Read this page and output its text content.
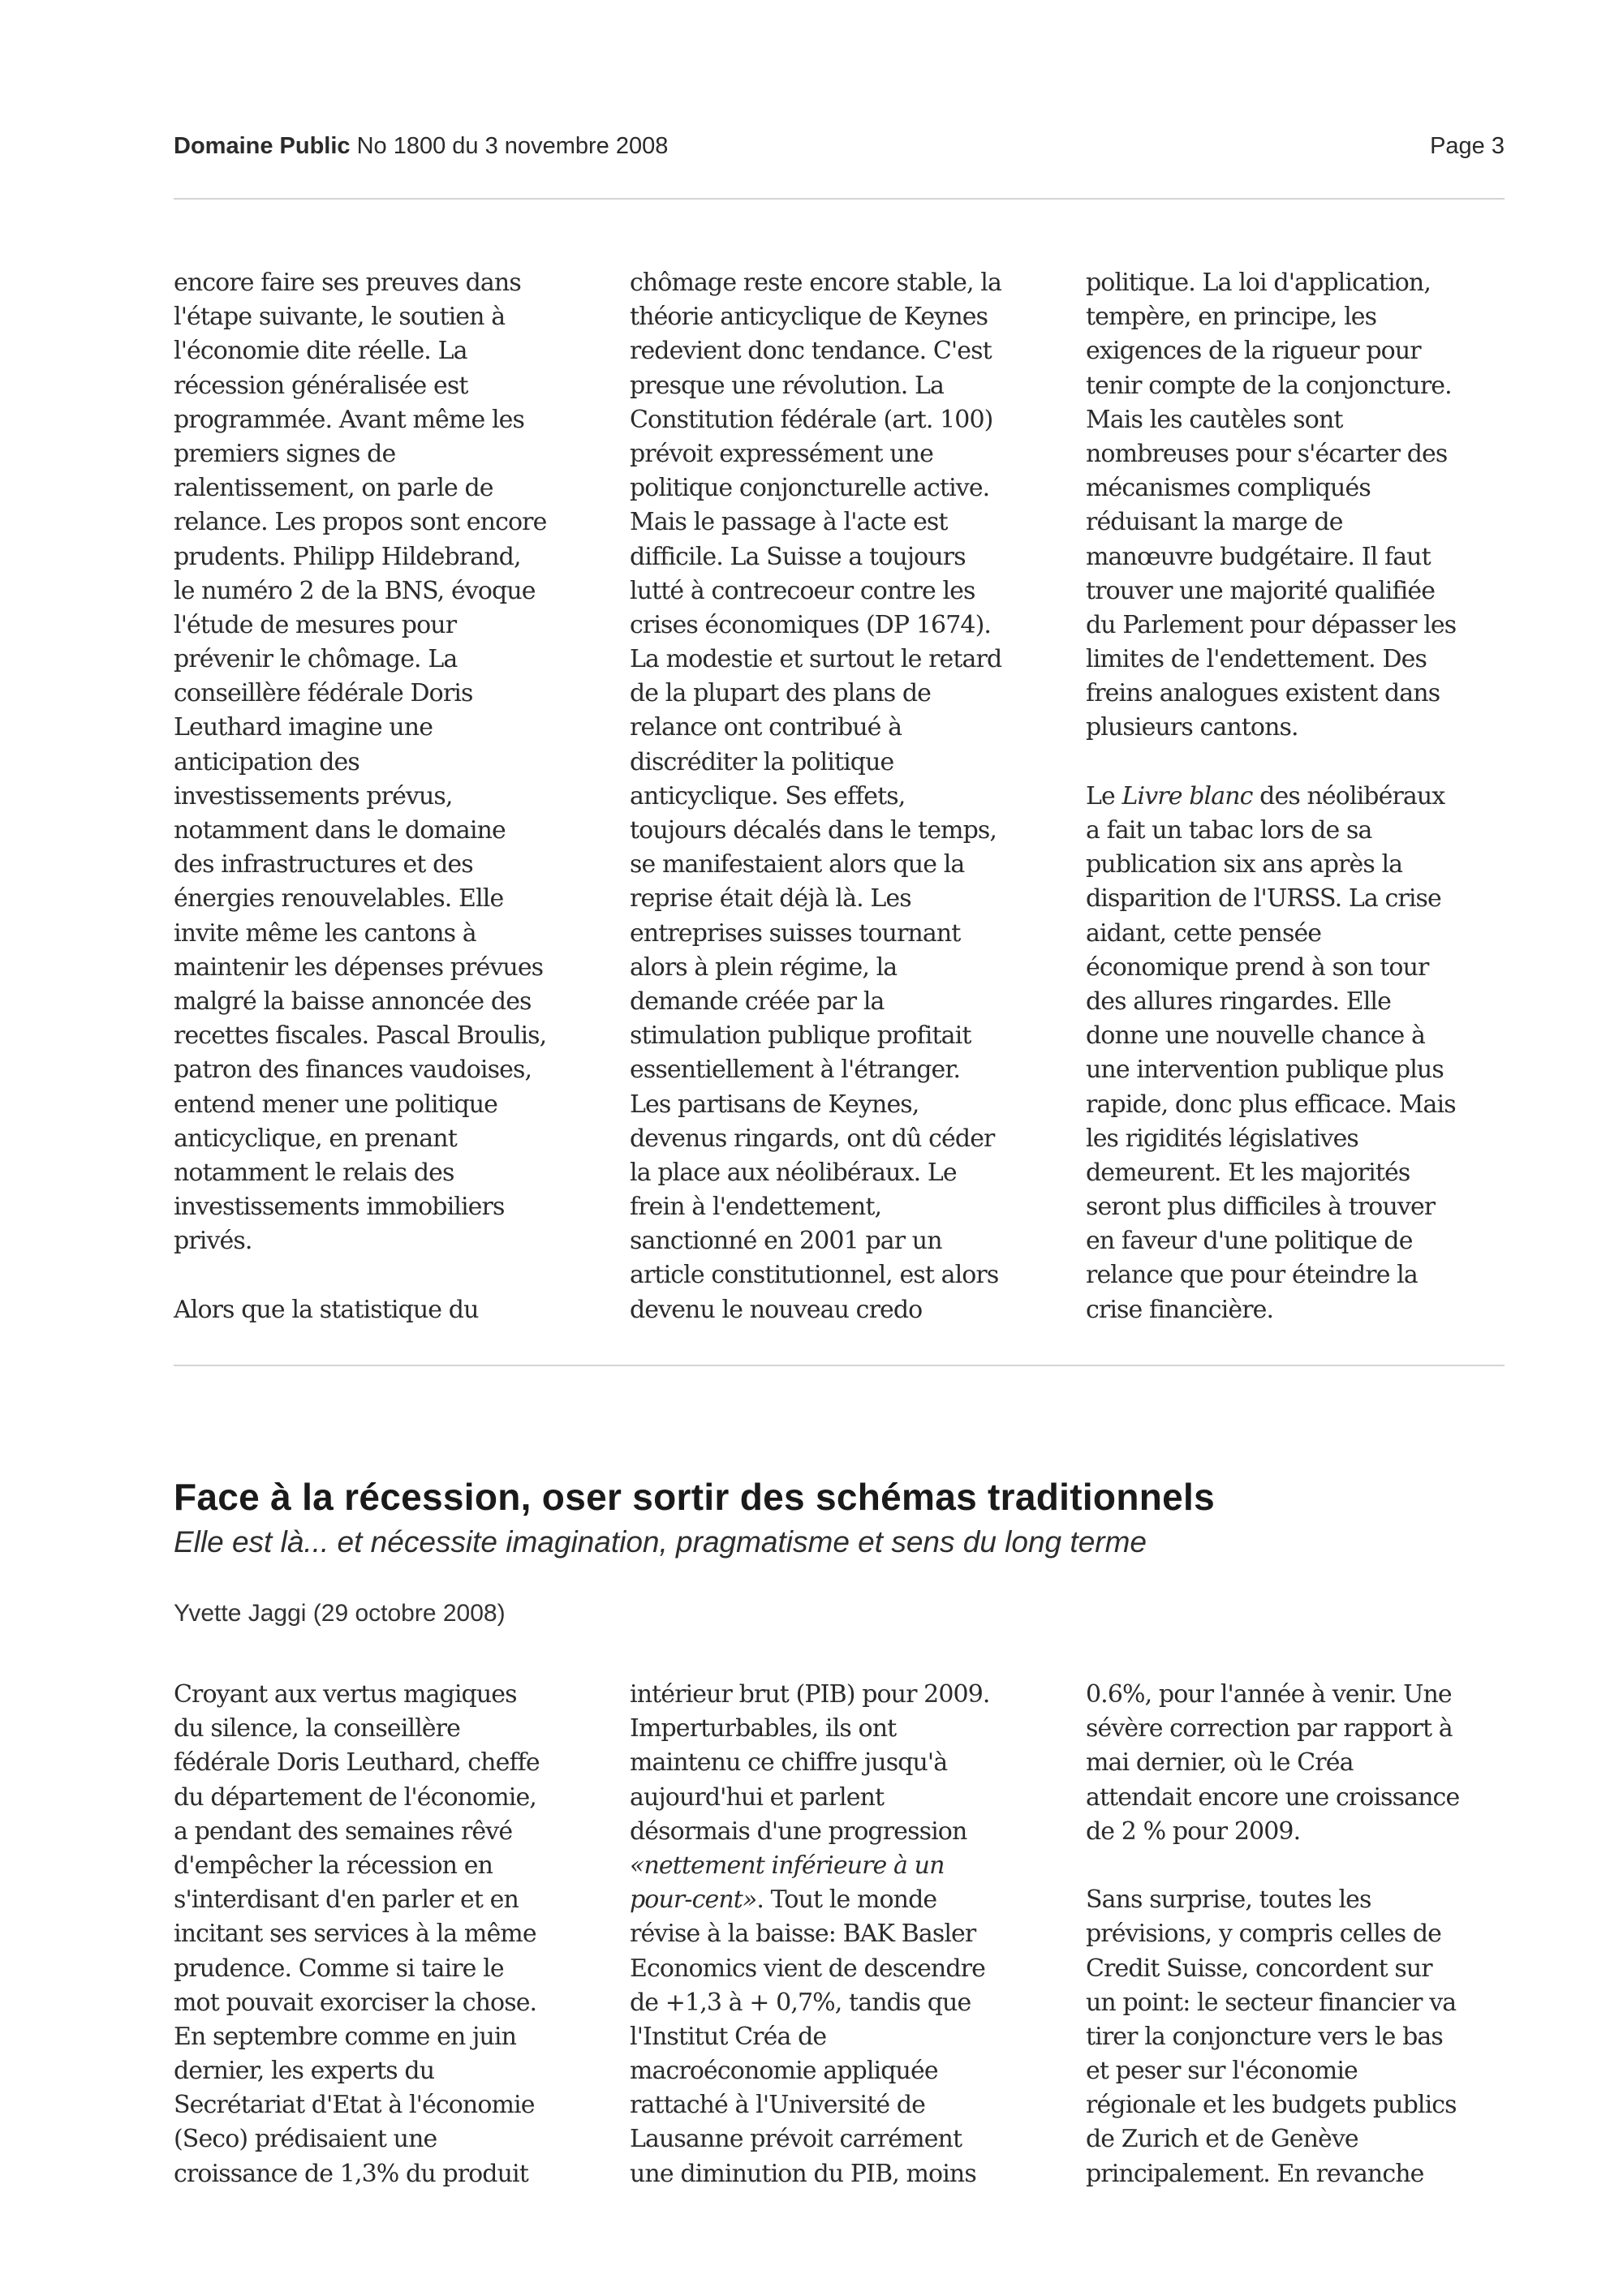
Domaine Public No 1800 du 3 novembre 2008	Page 3
encore faire ses preuves dans
l'étape suivante, le soutien à
l'économie dite réelle. La
récession généralisée est
programmée. Avant même les
premiers signes de
ralentissement, on parle de
relance. Les propos sont encore
prudents. Philipp Hildebrand,
le numéro 2 de la BNS, évoque
l'étude de mesures pour
prévenir le chômage. La
conseillère fédérale Doris
Leuthard imagine une
anticipation des
investissements prévus,
notamment dans le domaine
des infrastructures et des
énergies renouvelables. Elle
invite même les cantons à
maintenir les dépenses prévues
malgré la baisse annoncée des
recettes fiscales. Pascal Broulis,
patron des finances vaudoises,
entend mener une politique
anticyclique, en prenant
notamment le relais des
investissements immobiliers
privés.
Alors que la statistique du
chômage reste encore stable, la
théorie anticyclique de Keynes
redevient donc tendance. C'est
presque une révolution. La
Constitution fédérale (art. 100)
prévoit expressément une
politique conjoncturelle active.
Mais le passage à l'acte est
difficile. La Suisse a toujours
lutté à contrecoeur contre les
crises économiques (DP 1674).
La modestie et surtout le retard
de la plupart des plans de
relance ont contribué à
discréditer la politique
anticyclique. Ses effets,
toujours décalés dans le temps,
se manifestaient alors que la
reprise était déjà là. Les
entreprises suisses tournant
alors à plein régime, la
demande créée par la
stimulation publique profitait
essentiellement à l'étranger.
Les partisans de Keynes,
devenus ringards, ont dû céder
la place aux néolibéraux. Le
frein à l'endettement,
sanctionné en 2001 par un
article constitutionnel, est alors
devenu le nouveau credo
politique. La loi d'application,
tempère, en principe, les
exigences de la rigueur pour
tenir compte de la conjoncture.
Mais les cautèles sont
nombreuses pour s'écarter des
mécanismes compliqués
réduisant la marge de
manœuvre budgétaire. Il faut
trouver une majorité qualifiée
du Parlement pour dépasser les
limites de l'endettement. Des
freins analogues existent dans
plusieurs cantons.
Le Livre blanc des néolibéraux
a fait un tabac lors de sa
publication six ans après la
disparition de l'URSS. La crise
aidant, cette pensée
économique prend à son tour
des allures ringardes. Elle
donne une nouvelle chance à
une intervention publique plus
rapide, donc plus efficace. Mais
les rigidités législatives
demeurent. Et les majorités
seront plus difficiles à trouver
en faveur d'une politique de
relance que pour éteindre la
crise financière.
Face à la récession, oser sortir des schémas traditionnels
Elle est là... et nécessite imagination, pragmatisme et sens du long terme
Yvette Jaggi (29 octobre 2008)
Croyant aux vertus magiques
du silence, la conseillère
fédérale Doris Leuthard, cheffe
du département de l'économie,
a pendant des semaines rêvé
d'empêcher la récession en
s'interdisant d'en parler et en
incitant ses services à la même
prudence. Comme si taire le
mot pouvait exorciser la chose.
En septembre comme en juin
dernier, les experts du
Secrétariat d'Etat à l'économie
(Seco) prédisaient une
croissance de 1,3% du produit
intérieur brut (PIB) pour 2009.
Imperturbables, ils ont
maintenu ce chiffre jusqu'à
aujourd'hui et parlent
désormais d'une progression
«nettement inférieure à un
pour-cent». Tout le monde
révise à la baisse: BAK Basler
Economics vient de descendre
de +1,3 à + 0,7%, tandis que
l'Institut Créa de
macroéconomie appliquée
rattaché à l'Université de
Lausanne prévoit carrément
une diminution du PIB, moins
0.6%, pour l'année à venir. Une
sévère correction par rapport à
mai dernier, où le Créa
attendait encore une croissance
de 2 % pour 2009.
Sans surprise, toutes les
prévisions, y compris celles de
Credit Suisse, concordent sur
un point: le secteur financier va
tirer la conjoncture vers le bas
et peser sur l'économie
régionale et les budgets publics
de Zurich et de Genève
principalement. En revanche
